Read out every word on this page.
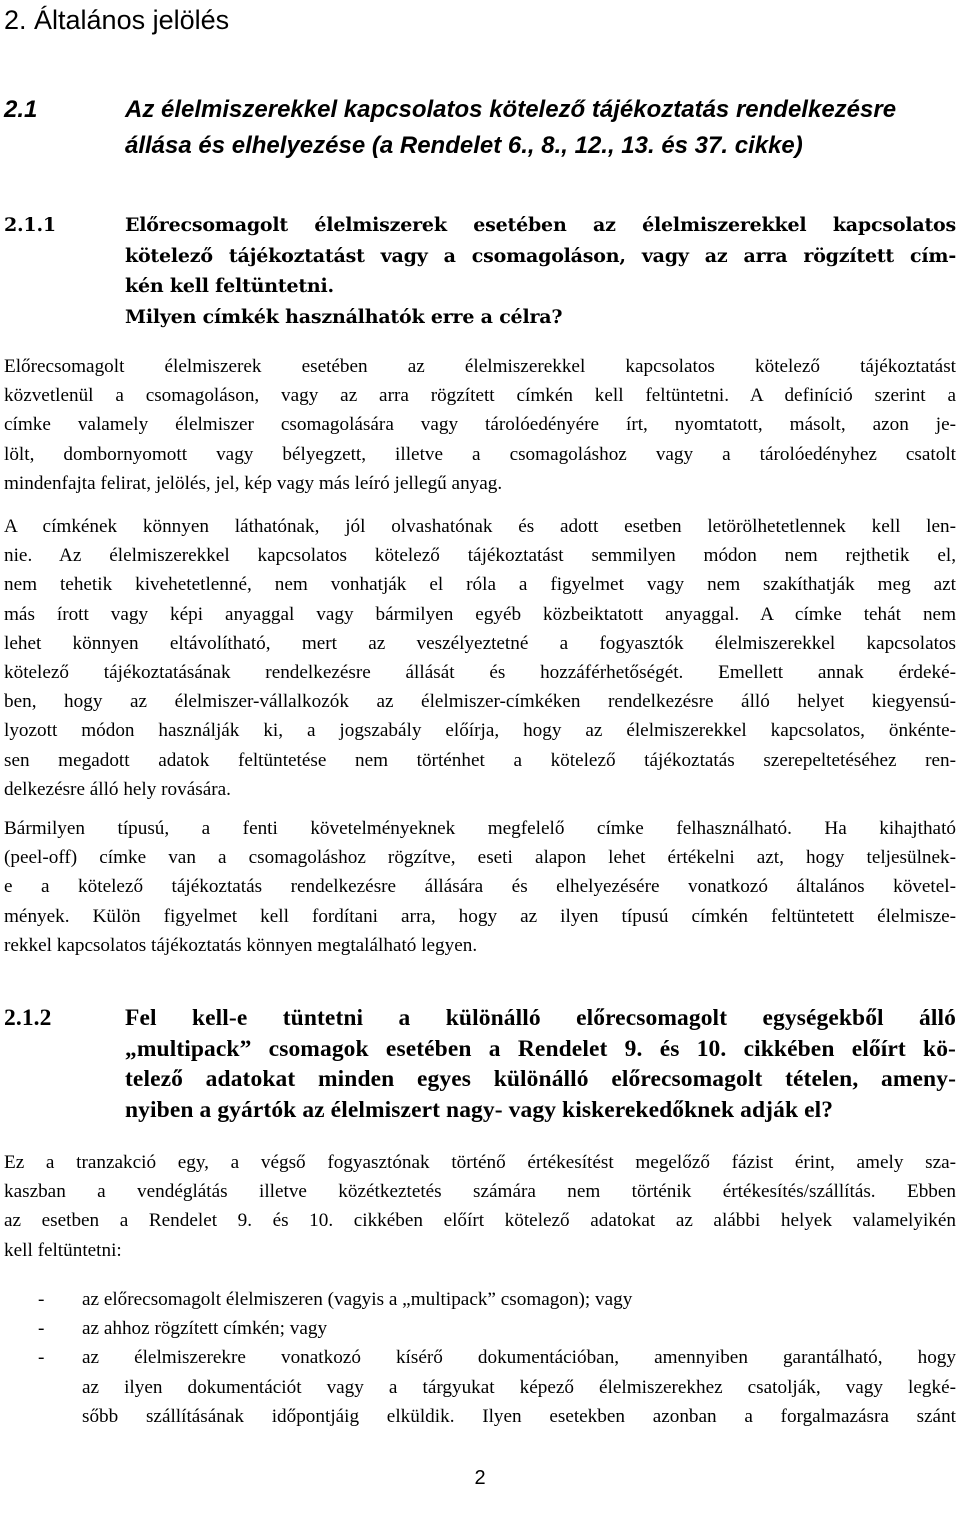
2. Általános jelölés
2.1	Az élelmiszerekkel kapcsolatos kötelező tájékoztatás rendelkezésre
állása és elhelyezése (a Rendelet 6., 8., 12., 13. és 37. cikke)
2.1.1	Előrecsomagolt élelmiszerek esetében az élelmiszerekkel kapcsolatos
kötelező tájékoztatást vagy a csomagoláson, vagy az arra rögzített cím-
kén kell feltüntetni.
Milyen címkék használhatók erre a célra?
Előrecsomagolt élelmiszerek esetében az élelmiszerekkel kapcsolatos kötelező tájékoztatást
közvetlenül a csomagoláson, vagy az arra rögzített címkén kell feltüntetni. A definíció szerint a
címke valamely élelmiszer csomagolására vagy tárolóedényére írt, nyomtatott, másolt, azon je-
lölt, dombornyomott vagy bélyegzett, illetve a csomagoláshoz vagy a tárolóedényhez csatolt
mindenfajta felirat, jelölés, jel, kép vagy más leíró jellegű anyag.
A címkének könnyen láthatónak, jól olvashatónak és adott esetben letörölhetetlennek kell len-
nie. Az élelmiszerekkel kapcsolatos kötelező tájékoztatást semmilyen módon nem rejthetik el,
nem tehetik kivehetetlenné, nem vonhatják el róla a figyelmet vagy nem szakíthatják meg azt
más írott vagy képi anyaggal vagy bármilyen egyéb közbeiktatott anyaggal. A címke tehát nem
lehet könnyen eltávolítható, mert az veszélyeztetné a fogyasztók élelmiszerekkel kapcsolatos
kötelező tájékoztatásának rendelkezésre állását és hozzáférhetőségét. Emellett annak érdeké-
ben, hogy az élelmiszer-vállalkozók az élelmiszer-címkéken rendelkezésre álló helyet kiegyensú-
lyozott módon használják ki, a jogszabály előírja, hogy az élelmiszerekkel kapcsolatos, önkénte-
sen megadott adatok feltüntetése nem történhet a kötelező tájékoztatás szerepeltetéséhez ren-
delkezésre álló hely rovására.
Bármilyen típusú, a fenti követelményeknek megfelelő címke felhasználható. Ha kihajtható
(peel-off) címke van a csomagoláshoz rögzítve, eseti alapon lehet értékelni azt, hogy teljesülnek-
e a kötelező tájékoztatás rendelkezésre állására és elhelyezésére vonatkozó általános követel-
mények. Külön figyelmet kell fordítani arra, hogy az ilyen típusú címkén feltüntetett élelmisze-
rekkel kapcsolatos tájékoztatás könnyen megtalálható legyen.
2.1.2	Fel kell-e tüntetni a különálló előrecsomagolt egységekből álló
„multipack” csomagok esetében a Rendelet 9. és 10. cikkében előírt kö-
telező adatokat minden egyes különálló előrecsomagolt tételen, ameny-
nyiben a gyártók az élelmiszert nagy- vagy kiskerekedőknek adják el?
Ez a tranzakció egy, a végső fogyasztónak történő értékesítést megelőző fázist érint, amely sza-
kaszban a vendéglátás illetve közétkeztetés számára nem történik értékesítés/szállítás. Ebben
az esetben a Rendelet 9. és 10. cikkében előírt kötelező adatokat az alábbi helyek valamelyikén
kell feltüntetni:
- az előrecsomagolt élelmiszeren (vagyis a „multipack” csomagon); vagy
- az ahhoz rögzített címkén; vagy
- az élelmiszerekre vonatkozó kísérő dokumentációban, amennyiben garantálható, hogy
az ilyen dokumentációt vagy a tárgyukat képező élelmiszerekhez csatolják, vagy legké-
sőbb szállításának időpontjáig elküldik. Ilyen esetekben azonban a forgalmazásra szánt
2
